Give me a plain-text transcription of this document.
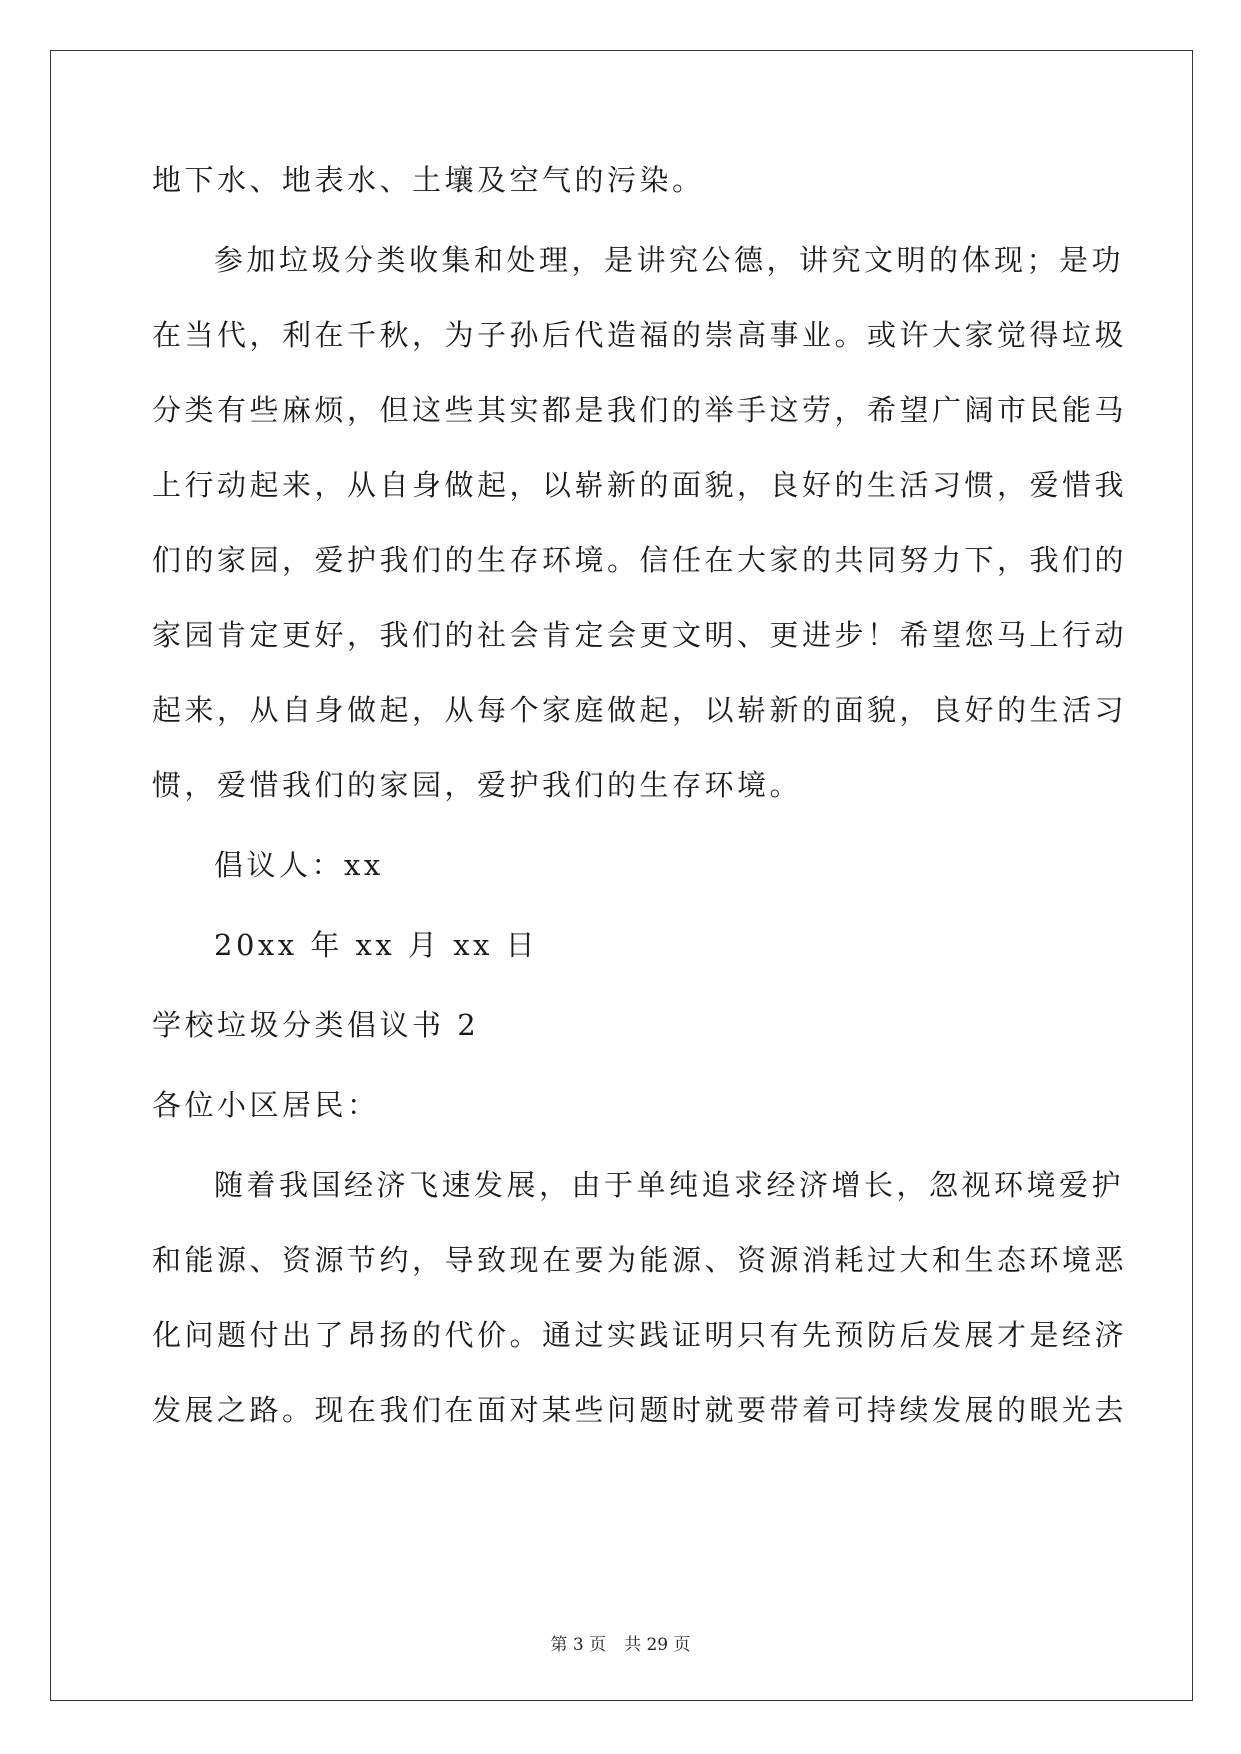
地下水、地表水、土壤及空气的污染。
参加垃圾分类收集和处理，是讲究公德，讲究文明的体现；是功
在当代，利在千秋，为子孙后代造福的崇高事业。或许大家觉得垃圾
分类有些麻烦，但这些其实都是我们的举手这劳，希望广阔市民能马
上行动起来，从自身做起，以崭新的面貌，良好的生活习惯，爱惜我
们的家园，爱护我们的生存环境。信任在大家的共同努力下，我们的
家园肯定更好，我们的社会肯定会更文明、更进步！希望您马上行动
起来，从自身做起，从每个家庭做起，以崭新的面貌，良好的生活习
惯，爱惜我们的家园，爱护我们的生存环境。
倡议人：xx
20xx 年 xx 月 xx 日
学校垃圾分类倡议书 2
各位小区居民：
随着我国经济飞速发展，由于单纯追求经济增长，忽视环境爱护
和能源、资源节约，导致现在要为能源、资源消耗过大和生态环境恶
化问题付出了昂扬的代价。通过实践证明只有先预防后发展才是经济
发展之路。现在我们在面对某些问题时就要带着可持续发展的眼光去
第 3 页 共 29 页
